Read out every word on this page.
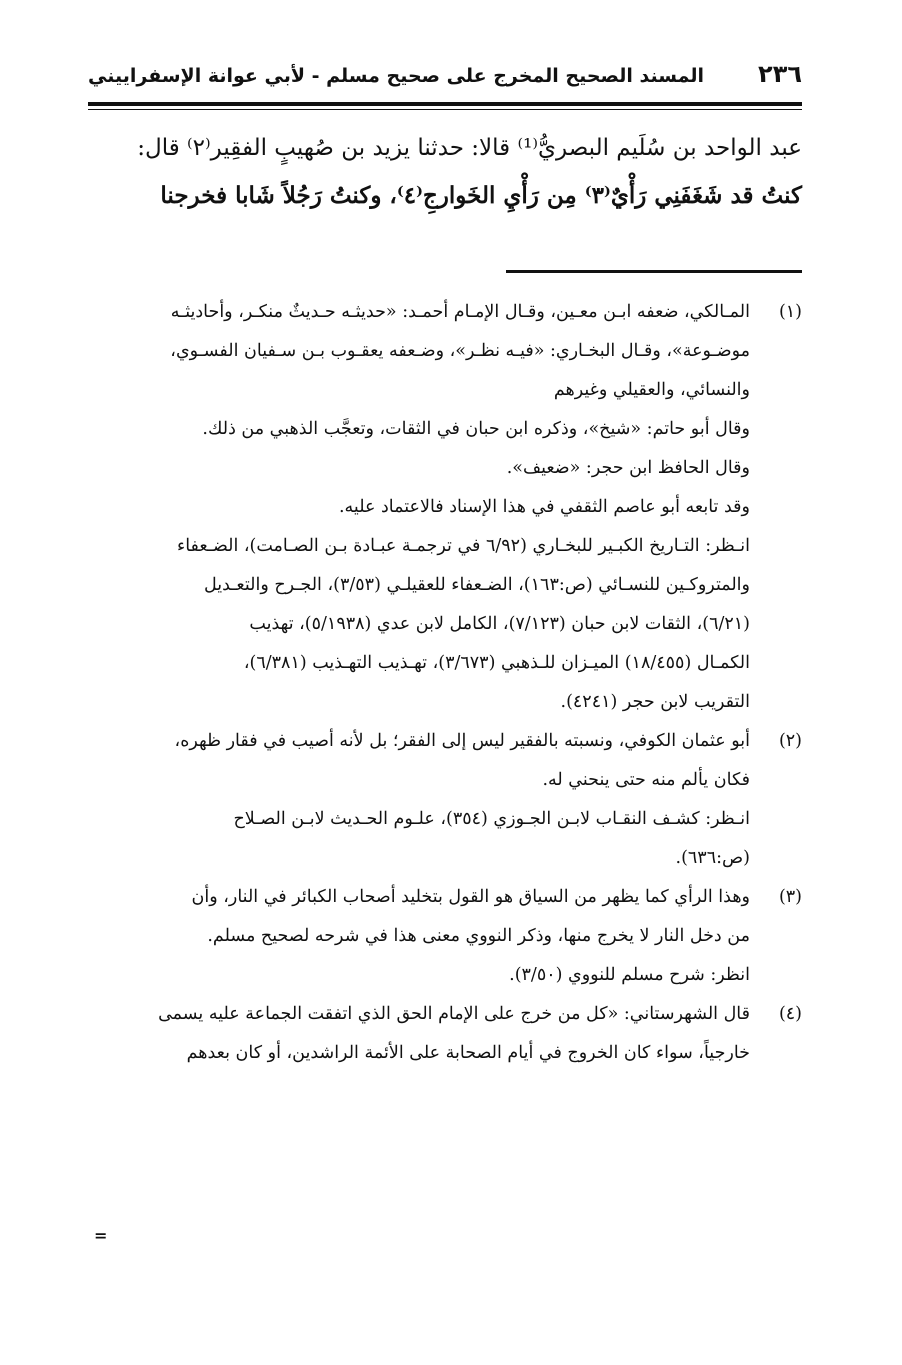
٢٣٦
المسند الصحيح المخرج على صحيح مسلم - لأبي عوانة الإسفراييني
عبد الواحد بن سُلَيم البصريُّ⁽¹⁾ قالا: حدثنا يزيد بن صُهيبٍ الفقِير⁽٢⁾ قال:
كنتُ قد شَغَفَنِي رَأْيٌ⁽٣⁾ مِن رَأْيِ الخَوارجِ⁽٤⁾، وكنتُ رَجُلاً شَابا فخرجنا
(١)
المـالكي، ضعفه ابـن معـين، وقـال الإمـام أحمـد: «حديثـه حـديثٌ منكـر، وأحاديثـه
موضـوعة»، وقـال البخـاري: «فيـه نظـر»، وضـعفه يعقـوب بـن سـفيان الفسـوي،
والنسائي، والعقيلي وغيرهم
وقال أبو حاتم: «شيخ»، وذكره ابن حبان في الثقات، وتعجَّب الذهبي من ذلك.
وقال الحافظ ابن حجر: «ضعيف».
وقد تابعه أبو عاصم الثقفي في هذا الإسناد فالاعتماد عليه.
انـظر: التـاريخ الكبـير للبخـاري (٦/٩٢ في ترجمـة عبـادة بـن الصـامت)، الضـعفاء
والمتروكـين للنسـائي (ص:١٦٣)، الضـعفاء للعقيلـي (٣/٥٣)، الجـرح والتعـديل
(٦/٢١)، الثقات لابن حبان (٧/١٢٣)، الكامل لابن عدي (٥/١٩٣٨)، تهذيب
الكمـال (١٨/٤٥٥) الميـزان للـذهبي (٣/٦٧٣)، تهـذيب التهـذيب (٦/٣٨١)،
التقريب لابن حجر (٤٢٤١).
(٢)
أبو عثمان الكوفي، ونسبته بالفقير ليس إلى الفقر؛ بل لأنه أصيب في فقار ظهره،
فكان يألم منه حتى ينحني له.
انـظر: كشـف النقـاب لابـن الجـوزي (٣٥٤)، علـوم الحـديث لابـن الصـلاح
(ص:٦٣٦).
(٣)
وهذا الرأي كما يظهر من السياق هو القول بتخليد أصحاب الكبائر في النار، وأن
من دخل النار لا يخرج منها، وذكر النووي معنى هذا في شرحه لصحيح مسلم.
انظر: شرح مسلم للنووي (٣/٥٠).
(٤)
قال الشهرستاني: «كل من خرج على الإمام الحق الذي اتفقت الجماعة عليه يسمى
خارجياً، سواء كان الخروج في أيام الصحابة على الأئمة الراشدين، أو كان بعدهم
=
